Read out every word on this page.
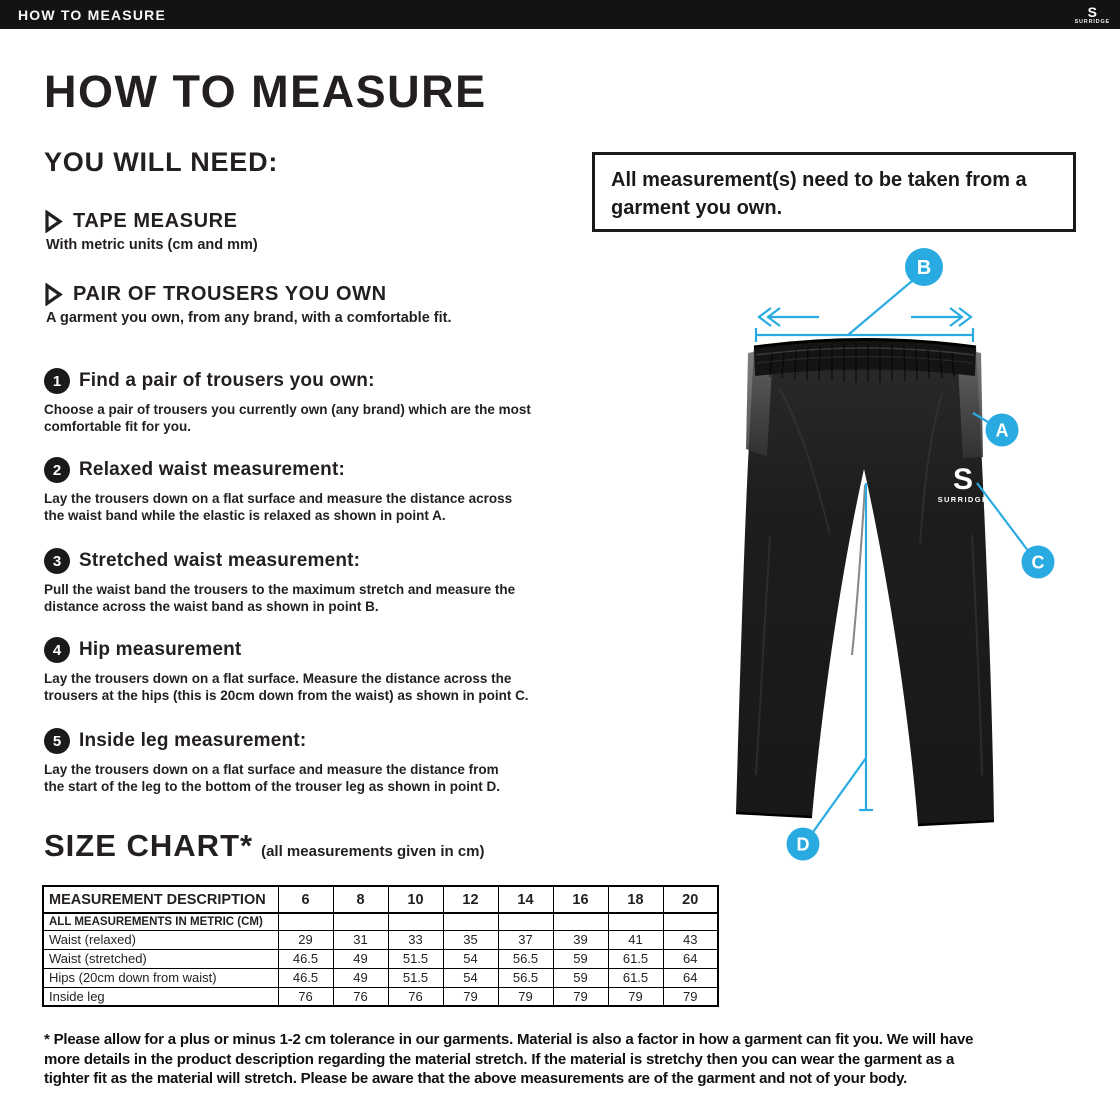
HOW TO MEASURE	S
SURRIDGE
HOW TO MEASURE
YOU WILL NEED:
TAPE MEASURE
With metric units (cm and mm)
PAIR OF TROUSERS YOU OWN
A garment you own, from any brand, with a comfortable fit.
All measurement(s) need to be taken from a garment you own.
1 Find a pair of trousers you own:
Choose a pair of trousers you currently own (any brand) which are the most
comfortable fit for you.
2 Relaxed waist measurement:
Lay the trousers down on a flat surface and measure the distance across
the waist band while the elastic is relaxed as shown in point A.
3 Stretched waist measurement:
Pull the waist band the trousers to the maximum stretch and measure the
distance across the waist band as shown in point B.
4 Hip measurement
Lay the trousers down on a flat surface. Measure the distance across the
trousers at the hips (this is 20cm down from the waist) as shown in point C.
5 Inside leg measurement:
Lay the trousers down on a flat surface and measure the distance from
the start of the leg to the bottom of the trouser leg as shown in point D.
S
SURRIDGE
B
A
C
D
SIZE CHART* (all measurements given in cm)
MEASUREMENT DESCRIPTION	6	8	10	12	14	16	18	20
ALL MEASUREMENTS IN METRIC (CM)								
Waist (relaxed)	29	31	33	35	37	39	41	43
Waist (stretched)	46.5	49	51.5	54	56.5	59	61.5	64
Hips (20cm down from waist)	46.5	49	51.5	54	56.5	59	61.5	64
Inside leg	76	76	76	79	79	79	79	79
* Please allow for a plus or minus 1-2 cm tolerance in our garments. Material is also a factor in how a garment can fit you. We will have
more details in the product description regarding the material stretch. If the material is stretchy then you can wear the garment as a
tighter fit as the material will stretch. Please be aware that the above measurements are of the garment and not of your body.
